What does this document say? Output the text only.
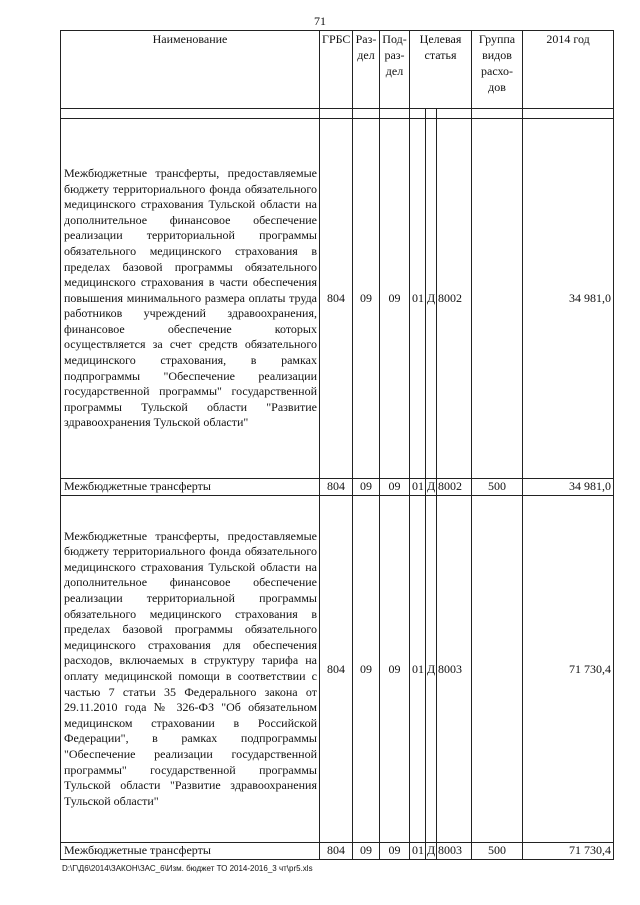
71
Наименование	ГРБС	Раз- дел	Под- раз- дел	Целевая статья			Группа видов расхо- дов	2014 год

Межбюджетные трансферты, предоставляемые бюджету территориального фонда обязательного медицинского страхования Тульской области на дополнительное финансовое обеспечение реализации территориальной программы обязательного медицинского страхования в пределах базовой программы обязательного медицинского страхования в части обеспечения повышения минимального размера оплаты труда работников учреждений здравоохранения, финансовое обеспечение которых осуществляется за счет средств обязательного медицинского страхования, в рамках подпрограммы "Обеспечение реализации государственной программы" государственной программы Тульской области "Развитие здравоохранения Тульской области"	804	09	09	01	Д	8002		34 981,0
Межбюджетные трансферты	804	09	09	01	Д	8002	500	34 981,0
Межбюджетные трансферты, предоставляемые бюджету территориального фонда обязательного медицинского страхования Тульской области на дополнительное финансовое обеспечение реализации территориальной программы обязательного медицинского страхования в пределах базовой программы обязательного медицинского страхования для обеспечения расходов, включаемых в структуру тарифа на оплату медицинской помощи в соответствии с частью 7 статьи 35 Федерального закона от 29.11.2010 года № 326-ФЗ "Об обязательном медицинском страховании в Российской Федерации", в рамках подпрограммы "Обеспечение реализации государственной программы" государственной программы Тульской области "Развитие здравоохранения Тульской области"	804	09	09	01	Д	8003		71 730,4
Межбюджетные трансферты	804	09	09	01	Д	8003	500	71 730,4
D:\Г\Д6\2014\ЗАКОН\ЗАС_6\Изм. бюджет ТО 2014-2016_3 чт\pr5.xls
